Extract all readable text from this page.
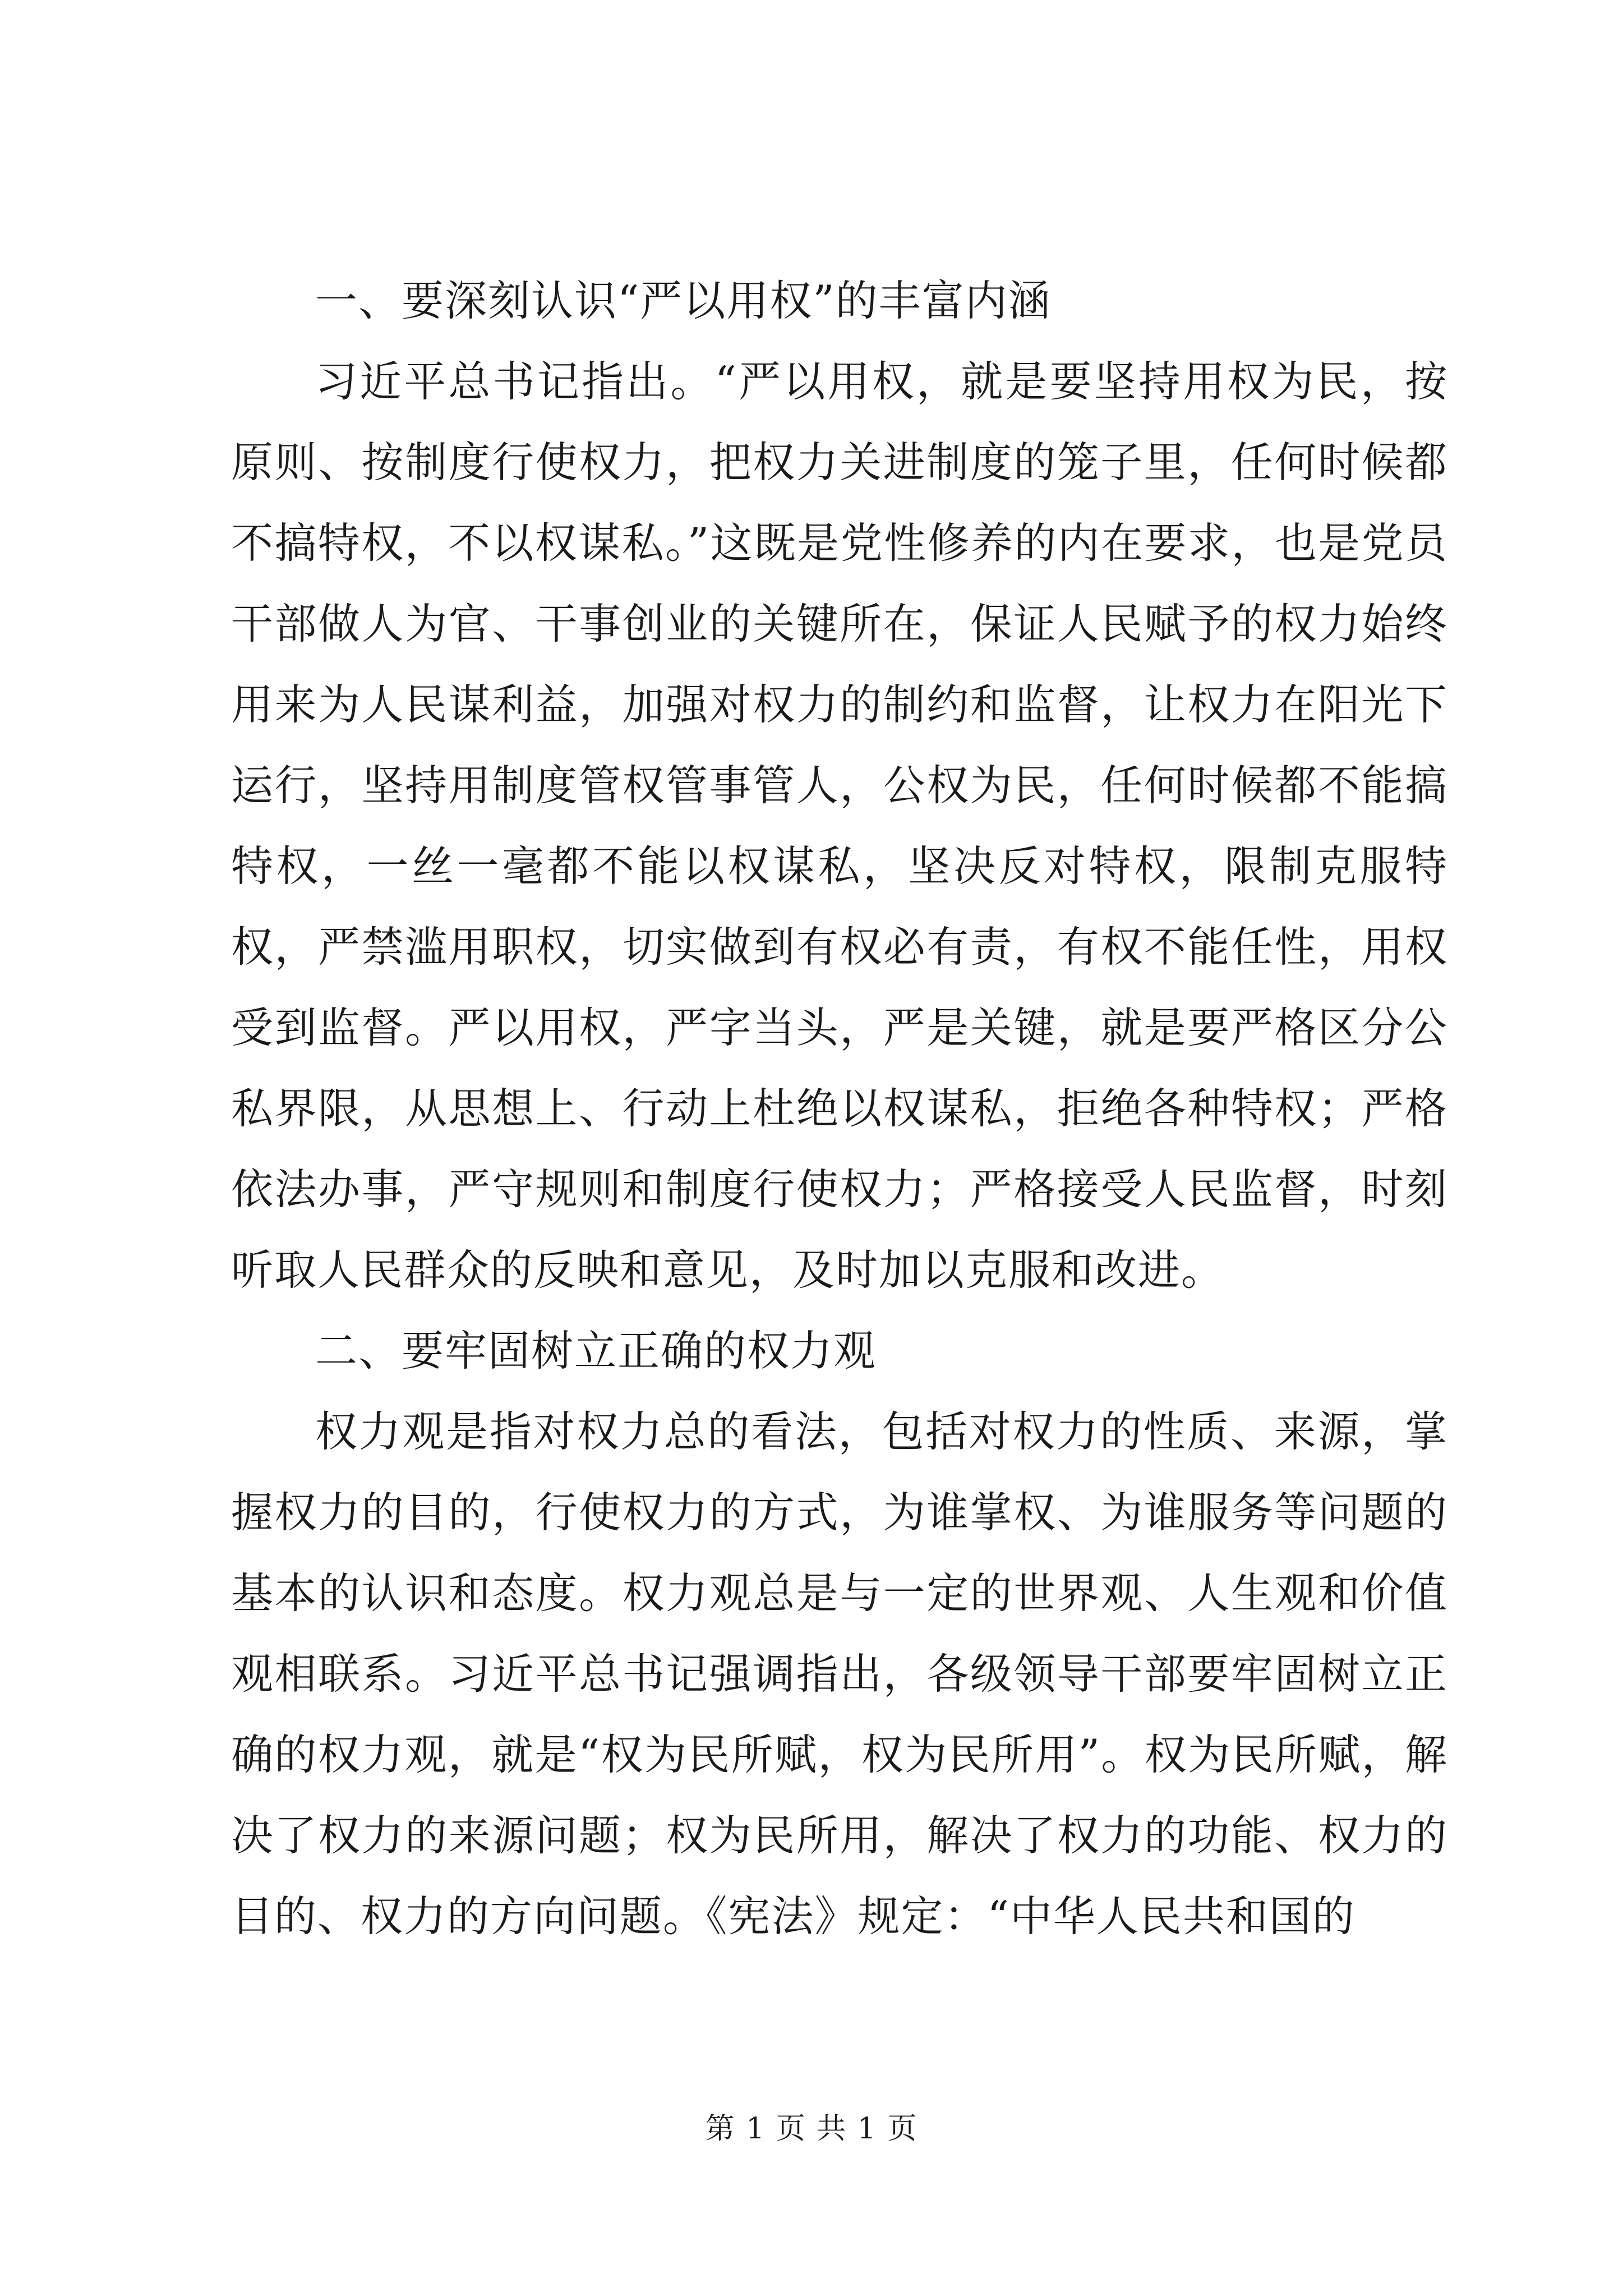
一、要深刻认识“严以用权”的丰富内涵

习近平总书记指出。“严以用权，就是要坚持用权为民，按原则、按制度行使权力，把权力关进制度的笼子里，任何时候都不搞特权，不以权谋私。”这既是党性修养的内在要求，也是党员干部做人为官、干事创业的关键所在，保证人民赋予的权力始终用来为人民谋利益，加强对权力的制约和监督，让权力在阳光下运行，坚持用制度管权管事管人，公权为民，任何时候都不能搞特权，一丝一毫都不能以权谋私，坚决反对特权，限制克服特权，严禁滥用职权，切实做到有权必有责，有权不能任性，用权受到监督。严以用权，严字当头，严是关键，就是要严格区分公私界限，从思想上、行动上杜绝以权谋私，拒绝各种特权；严格依法办事，严守规则和制度行使权力；严格接受人民监督，时刻听取人民群众的反映和意见，及时加以克服和改进。

二、要牢固树立正确的权力观

权力观是指对权力总的看法，包括对权力的性质、来源，掌握权力的目的，行使权力的方式，为谁掌权、为谁服务等问题的基本的认识和态度。权力观总是与一定的世界观、人生观和价值观相联系。习近平总书记强调指出，各级领导干部要牢固树立正确的权力观，就是“权为民所赋，权为民所用”。权为民所赋，解决了权力的来源问题；权为民所用，解决了权力的功能、权力的目的、权力的方向问题。《宪法》规定：“中华人民共和国的

第 1 页 共 1 页
